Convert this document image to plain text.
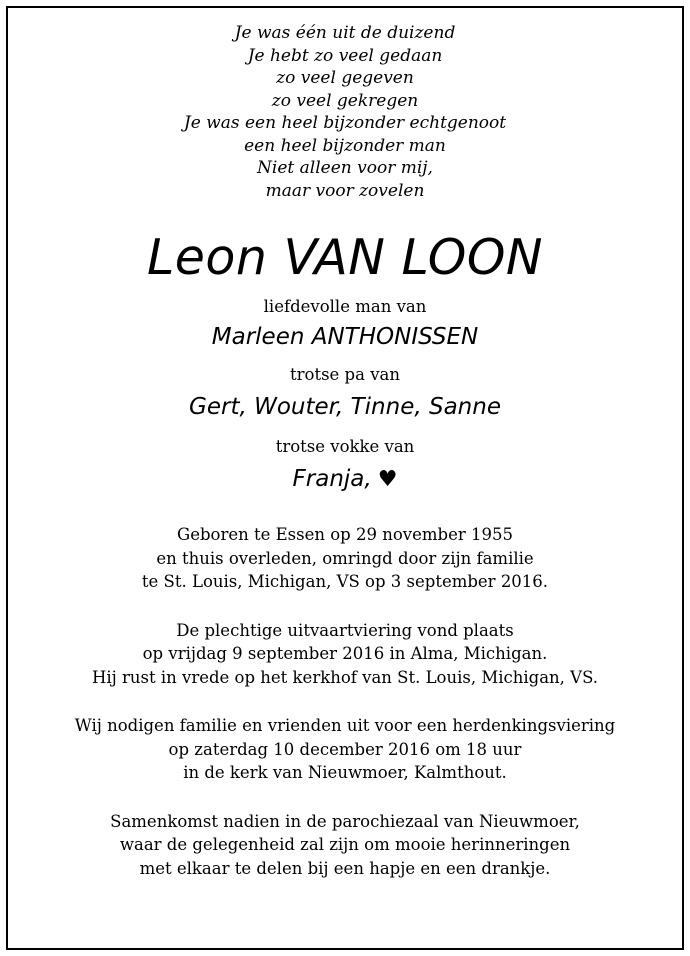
Je was één uit de duizend
Je hebt zo veel gedaan
zo veel gegeven
zo veel gekregen
Je was een heel bijzonder echtgenoot
een heel bijzonder man
Niet alleen voor mij,
maar voor zovelen
Leon VAN LOON
liefdevolle man van
Marleen ANTHONISSEN
trotse pa van
Gert, Wouter, Tinne, Sanne
trotse vokke van
Franja, ♥
Geboren te Essen op 29 november 1955
en thuis overleden, omringd door zijn familie
te St. Louis, Michigan, VS op 3 september 2016.
De plechtige uitvaartviering vond plaats
op vrijdag 9 september 2016 in Alma, Michigan.
Hij rust in vrede op het kerkhof van St. Louis, Michigan, VS.
Wij nodigen familie en vrienden uit voor een herdenkingsviering
op zaterdag 10 december 2016 om 18 uur
in de kerk van Nieuwmoer, Kalmthout.
Samenkomst nadien in de parochiezaal van Nieuwmoer,
waar de gelegenheid zal zijn om mooie herinneringen
met elkaar te delen bij een hapje en een drankje.
